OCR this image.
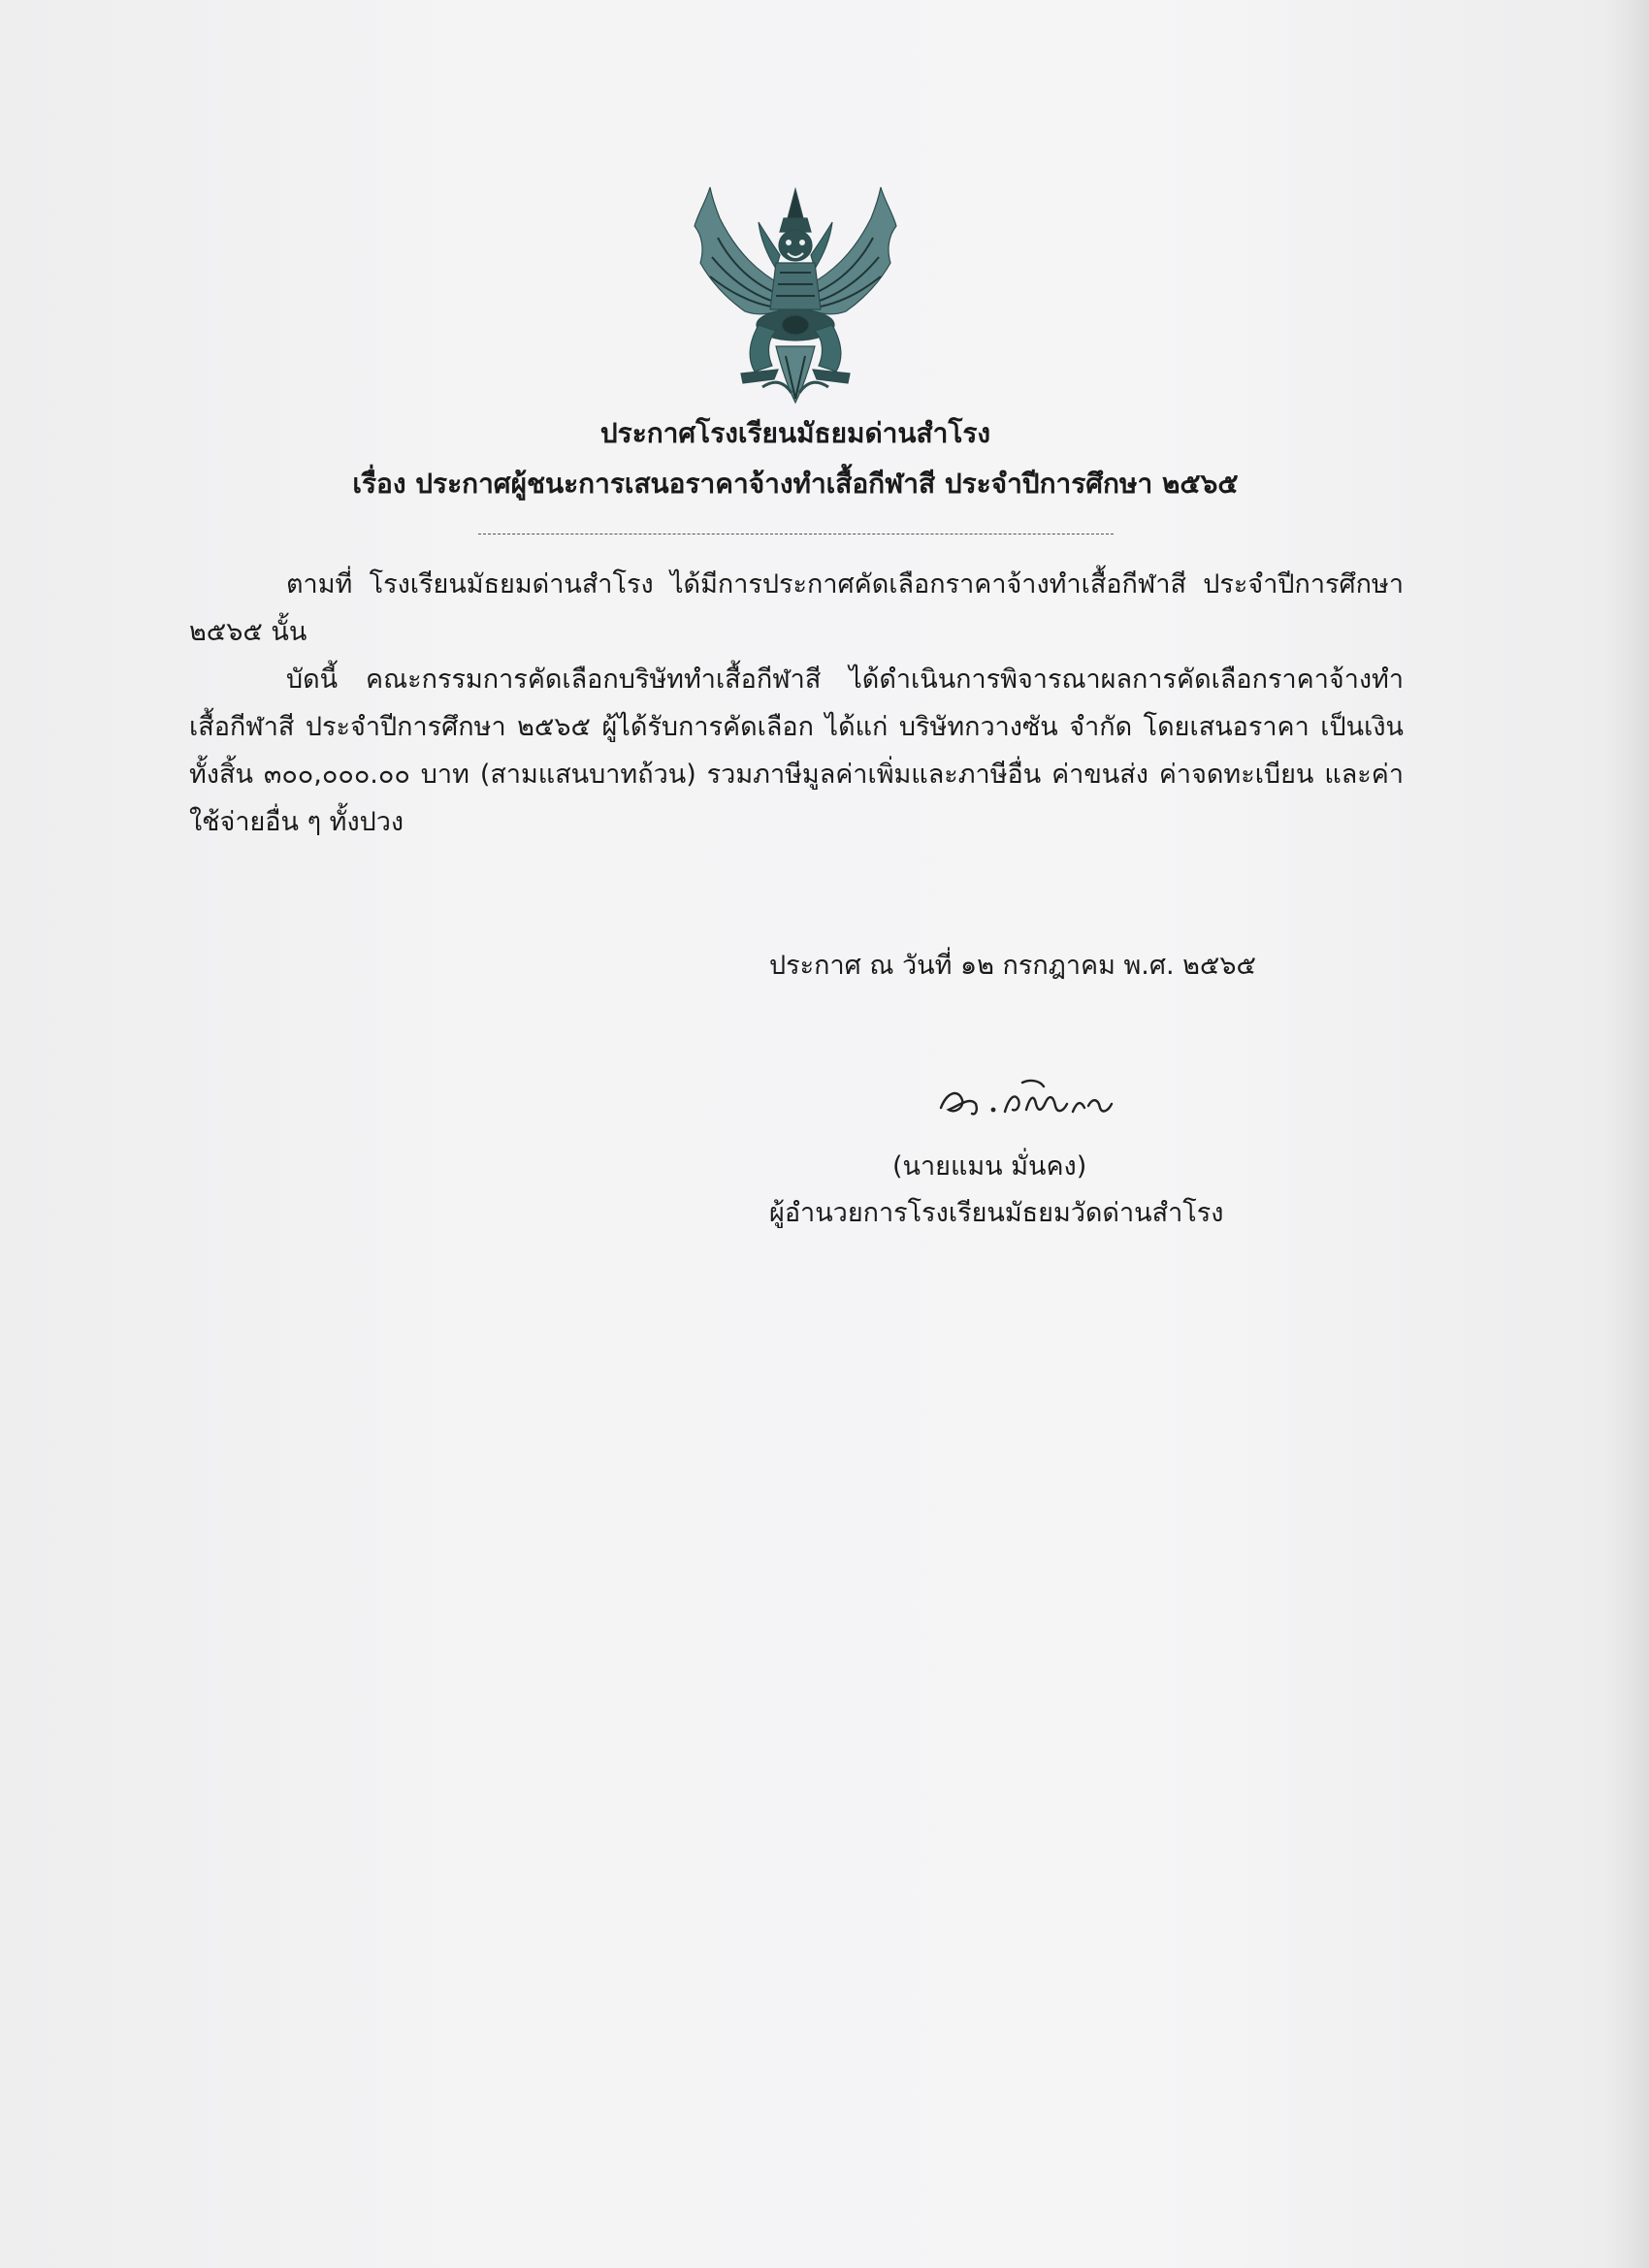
ประกาศโรงเรียนมัธยมด่านสำโรง
เรื่อง ประกาศผู้ชนะการเสนอราคาจ้างทำเสื้อกีฬาสี ประจำปีการศึกษา ๒๕๖๕

ตามที่ โรงเรียนมัธยมด่านสำโรง ได้มีการประกาศคัดเลือกราคาจ้างทำเสื้อกีฬาสี ประจำปีการศึกษา ๒๕๖๕ นั้น

บัดนี้ คณะกรรมการคัดเลือกบริษัททำเสื้อกีฬาสี ได้ดำเนินการพิจารณาผลการคัดเลือกราคาจ้างทำเสื้อกีฬาสี ประจำปีการศึกษา ๒๕๖๕ ผู้ได้รับการคัดเลือก ได้แก่ บริษัทกวางซัน จำกัด โดยเสนอราคา เป็นเงินทั้งสิ้น ๓๐๐,๐๐๐.๐๐ บาท (สามแสนบาทถ้วน) รวมภาษีมูลค่าเพิ่มและภาษีอื่น ค่าขนส่ง ค่าจดทะเบียน และค่าใช้จ่ายอื่น ๆ ทั้งปวง

ประกาศ ณ วันที่ ๑๒ กรกฎาคม พ.ศ. ๒๕๖๕
(นายแมน มั่นคง)
ผู้อำนวยการโรงเรียนมัธยมวัดด่านสำโรง
